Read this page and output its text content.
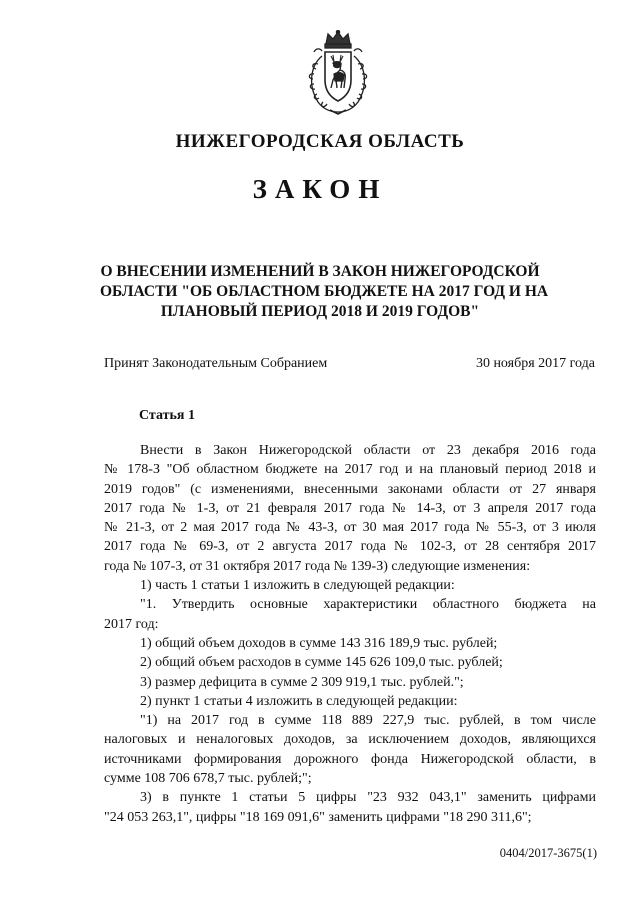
НИЖЕГОРОДСКАЯ ОБЛАСТЬ
ЗАКОН
О ВНЕСЕНИИ ИЗМЕНЕНИЙ В ЗАКОН НИЖЕГОРОДСКОЙ
ОБЛАСТИ "ОБ ОБЛАСТНОМ БЮДЖЕТЕ НА 2017 ГОД И НА
ПЛАНОВЫЙ ПЕРИОД 2018 И 2019 ГОДОВ"
Принят Законодательным Собранием	30 ноября 2017 года
Статья 1
Внести в Закон Нижегородской области от 23 декабря 2016 года
№ 178-З "Об областном бюджете на 2017 год и на плановый период 2018 и
2019 годов" (с изменениями, внесенными законами области от 27 января
2017 года № 1-З, от 21 февраля 2017 года № 14-З, от 3 апреля 2017 года
№ 21-З, от 2 мая 2017 года № 43-З, от 30 мая 2017 года № 55-З, от 3 июля
2017 года № 69-З, от 2 августа 2017 года № 102-З, от 28 сентября 2017
года № 107-З, от 31 октября 2017 года № 139-З) следующие изменения:
1) часть 1 статьи 1 изложить в следующей редакции:
"1. Утвердить основные характеристики областного бюджета на
2017 год:
1) общий объем доходов в сумме 143 316 189,9 тыс. рублей;
2) общий объем расходов в сумме 145 626 109,0 тыс. рублей;
3) размер дефицита в сумме 2 309 919,1 тыс. рублей.";
2) пункт 1 статьи 4 изложить в следующей редакции:
"1) на 2017 год в сумме 118 889 227,9 тыс. рублей, в том числе
налоговых и неналоговых доходов, за исключением доходов, являющихся
источниками формирования дорожного фонда Нижегородской области, в
сумме 108 706 678,7 тыс. рублей;";
3) в пункте 1 статьи 5 цифры "23 932 043,1" заменить цифрами
"24 053 263,1", цифры "18 169 091,6" заменить цифрами "18 290 311,6";
0404/2017-3675(1)
